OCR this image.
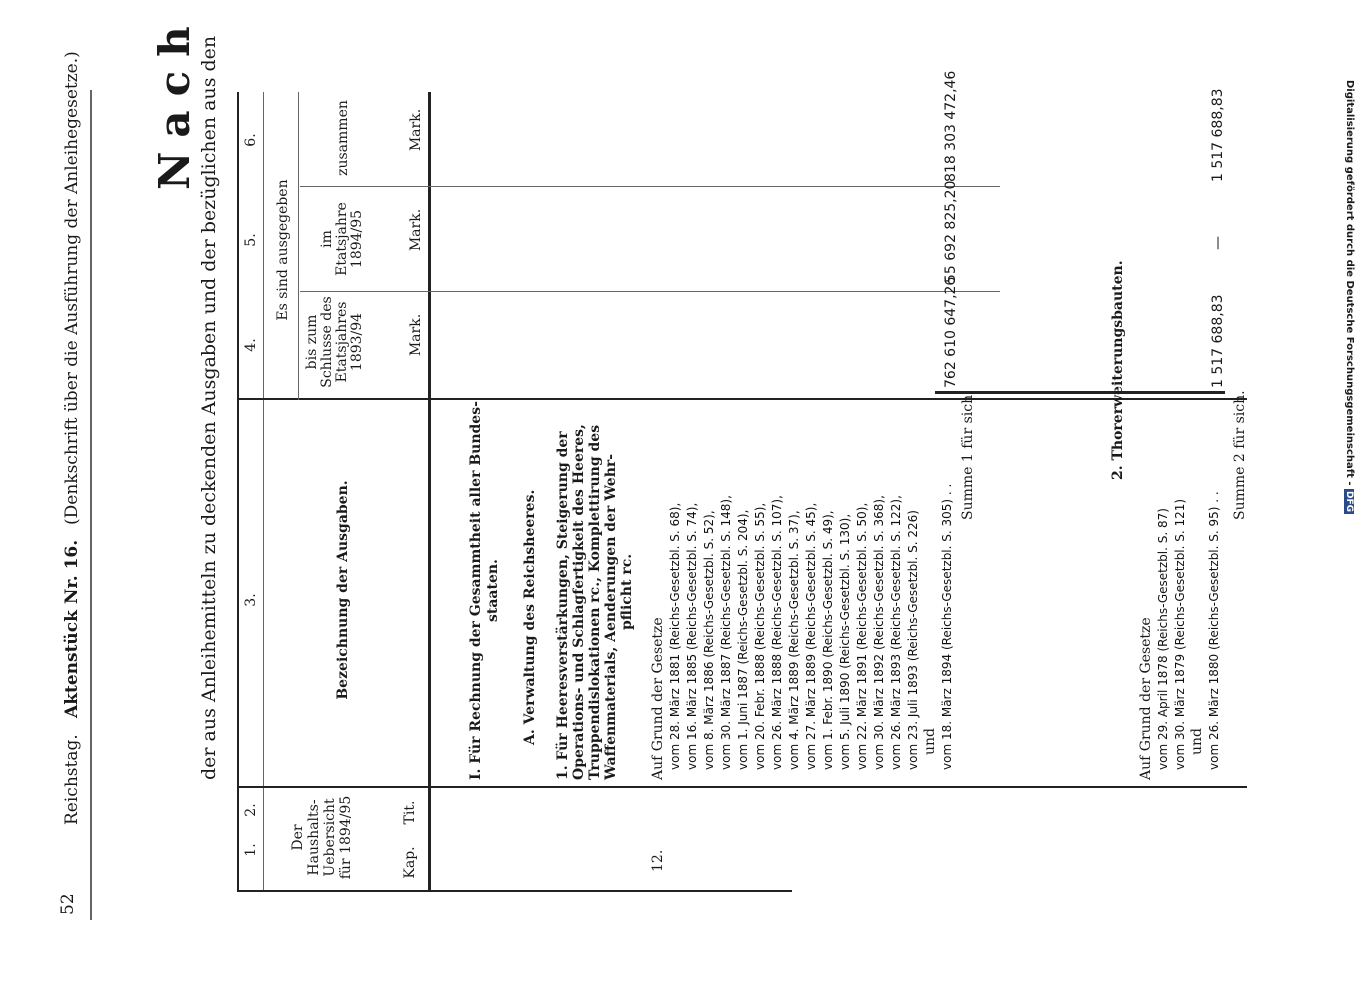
52
Reichstag.
Aktenstück Nr. 16.
(Denkschrift über die Ausführung der Anleihegesetze.) Nach der aus Anleihemitteln zu deckenden Ausgaben und der bezüglichen aus den
1.
2.
3.
4.
5.
6.
Der Haushalts- Uebersicht für 1894/95	Kap.
Tit.
Bezeichnung der Ausgaben.
Es sind ausgegeben
bis zum Schlusse des Etatsjahres 1893/94
im Etatsjahre 1894/95
zusammen
Mark.
Mark.
Mark.
I. Für Rechnung der Gesammtheit aller Bundes- staaten. A. Verwaltung des Reichsheeres. 1. Für Heeresverstärkungen, Steigerung der Operations- und Schlagfertigkeit des Heeres, Truppendislokationen rc., Komplettirung des Waffenmaterials, Aenderungen der Wehr- pflicht rc.
12.
Auf Grund der Gesetze vom 28. März 1881 (Reichs-Gesetzbl. S. 68), vom 16. März 1885 (Reichs-Gesetzbl. S. 74), vom 8. März 1886 (Reichs-Gesetzbl. S. 52), vom 30. März 1887 (Reichs-Gesetzbl. S. 148), vom 1. Juni 1887 (Reichs-Gesetzbl. S. 204), vom 20. Febr. 1888 (Reichs-Gesetzbl. S. 55), vom 26. März 1888 (Reichs-Gesetzbl. S. 107), vom 4. März 1889 (Reichs-Gesetzbl. S. 37), vom 27. März 1889 (Reichs-Gesetzbl. S. 45), vom 1. Febr. 1890 (Reichs-Gesetzbl. S. 49), vom 5. Juli 1890 (Reichs-Gesetzbl. S. 130), vom 22. März 1891 (Reichs-Gesetzbl. S. 50), vom 30. März 1892 (Reichs-Gesetzbl. S. 368), vom 26. März 1893 (Reichs-Gesetzbl. S. 122), vom 23. Juli 1893 (Reichs-Gesetzbl. S. 226) und vom 18. März 1894 (Reichs-Gesetzbl. S. 305) . .
Summe 1 für sich.
762 610 647,26
55 692 825,20
818 303 472,46
2. Thorerweiterungsbauten.
Auf Grund der Gesetze vom 29. April 1878 (Reichs-Gesetzbl. S. 87) vom 30. März 1879 (Reichs-Gesetzbl. S. 121) und vom 26. März 1880 (Reichs-Gesetzbl. S. 95) . .
Summe 2 für sich.
1 517 688,83
—
1 517 688,83	Digitalisierung gefördert durch die Deutsche Forschungsgemeinschaft - DFG
